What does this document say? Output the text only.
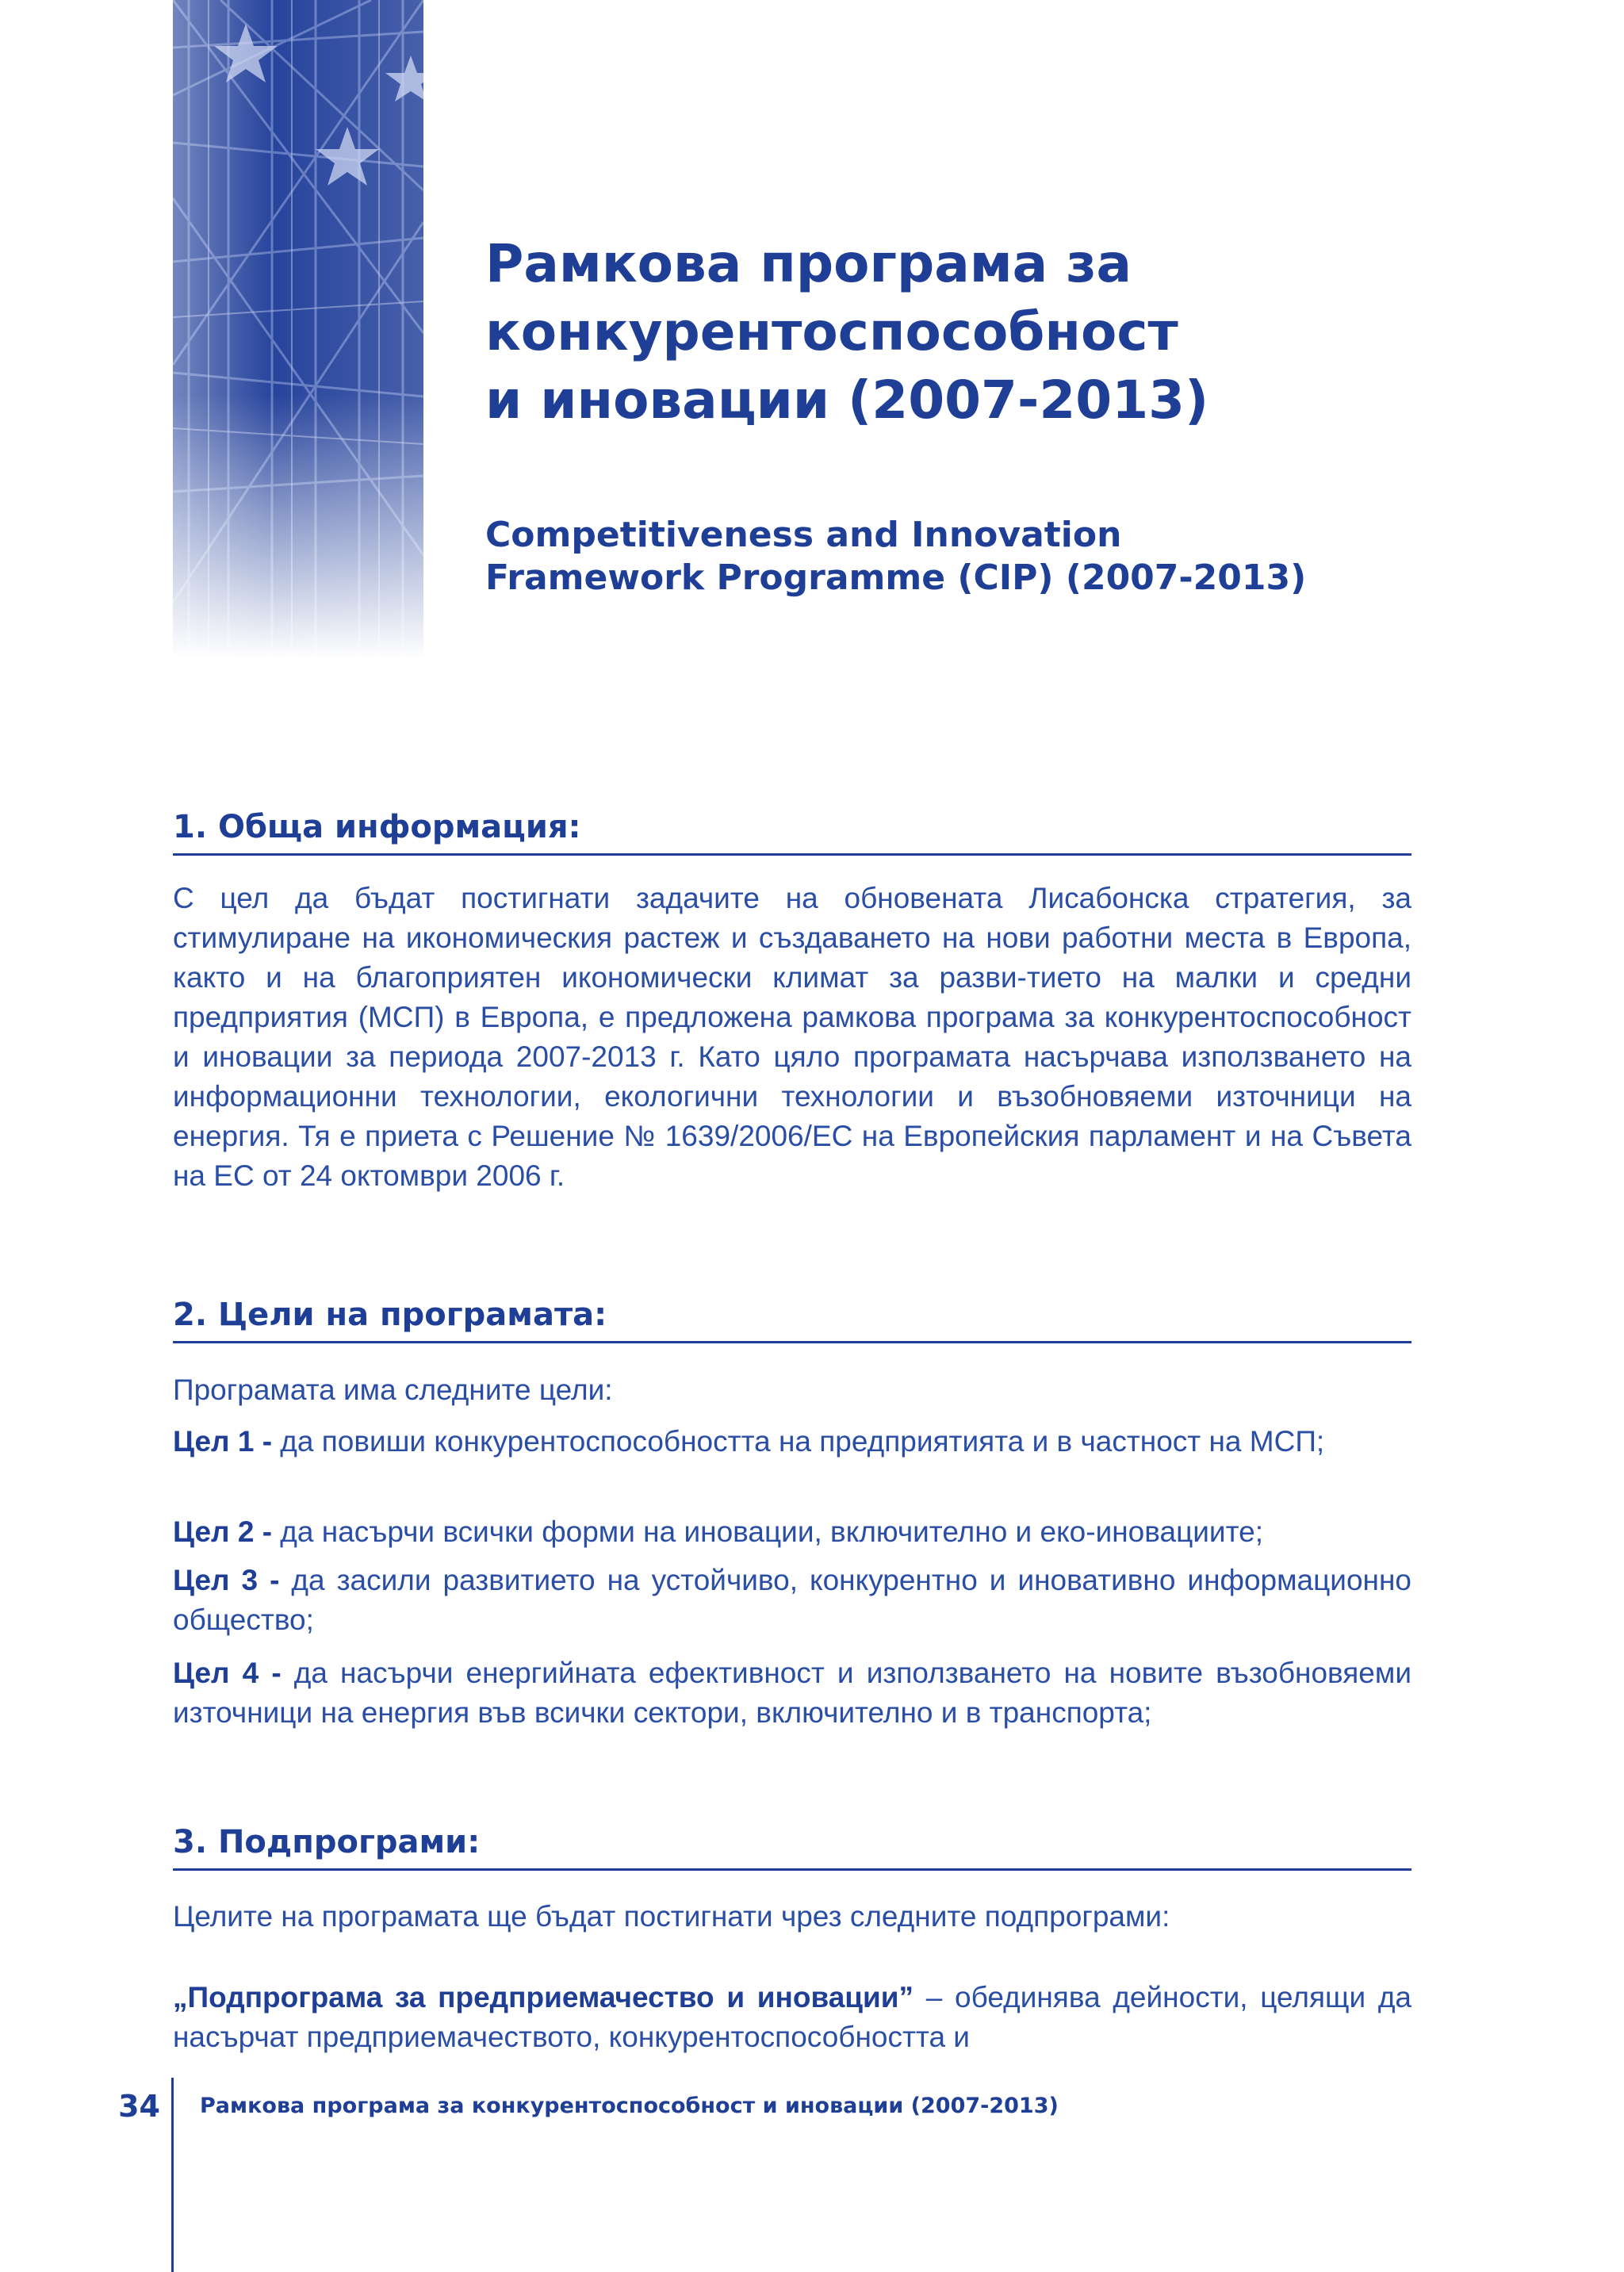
Рамкова програма за
конкурентоспособност
и иновации (2007-2013)
Competitiveness and Innovation
Framework Programme (CIP) (2007-2013)
1. Обща информация:
С цел да бъдат постигнати задачите на обновената Лисабонска стратегия, за стимулиране на икономическия растеж и създаването на нови работни места в Европа, както и на благоприятен икономически климат за разви-тието на малки и средни предприятия (МСП) в Европа, е предложена рамкова програма за конкурентоспособност и иновации за периода 2007-2013 г. Като цяло програмата насърчава използването на информационни технологии, екологични технологии и възобновяеми източници на енергия. Тя е приета с Решение № 1639/2006/ЕС на Европейския парламент и на Съвета на ЕС от 24 октомври 2006 г.
2. Цели на програмата:
Програмата има следните цели:
Цел 1 - да повиши конкурентоспособността на предприятията и в частност на МСП;
Цел 2 - да насърчи всички форми на иновации, включително и еко-иновациите;
Цел 3 - да засили развитието на устойчиво, конкурентно и иновативно информационно общество;
Цел 4 - да насърчи енергийната ефективност и използването на новите възобновяеми източници на енергия във всички сектори, включително и в транспорта;
3. Подпрограми:
Целите на програмата ще бъдат постигнати чрез следните подпрограми:
„Подпрограма за предприемачество и иновации” – обединява дейности, целящи да насърчат предприемачеството, конкурентоспособността и
34 Рамкова програма за конкурентоспособност и иновации (2007-2013)
